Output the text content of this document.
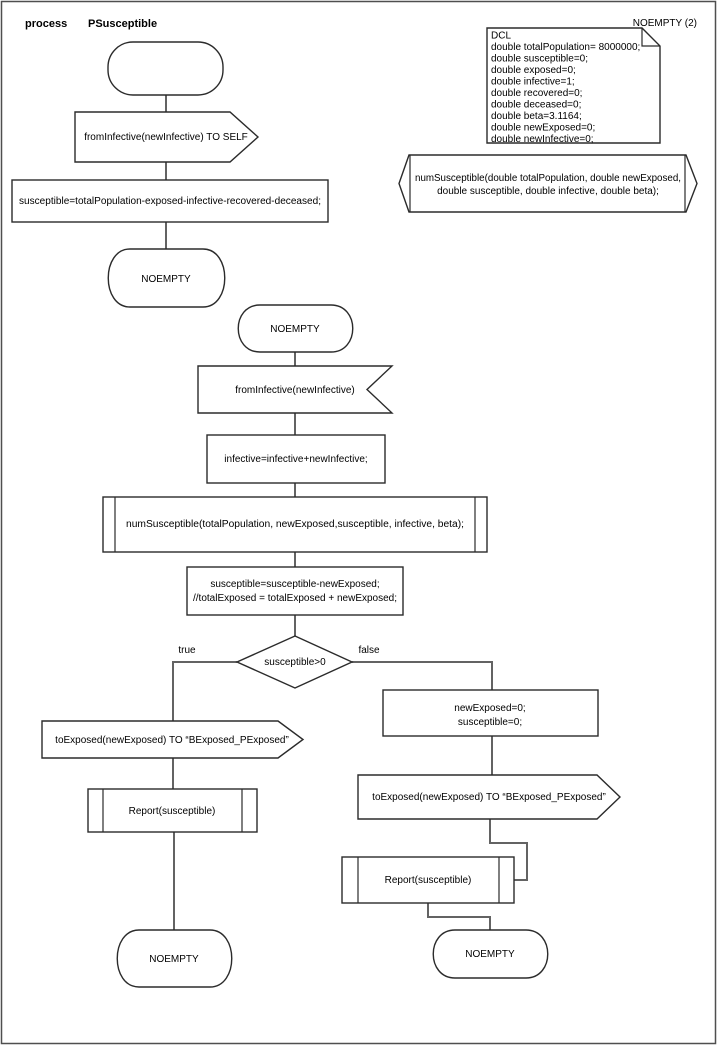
process PSusceptible	NOEMPTY (2)
DCL
double totalPopulation= 8000000;
double susceptible=0;
double exposed=0;
double infective=1;
double recovered=0;
double deceased=0;
double beta=3.1164;
double newExposed=0;
double newInfective=0;
numSusceptible(double totalPopulation, double newExposed,
double susceptible, double infective, double beta);
fromInfective(newInfective) TO SELF
susceptible=totalPopulation-exposed-infective-recovered-deceased;
NOEMPTY
NOEMPTY
fromInfective(newInfective)
infective=infective+newInfective;
numSusceptible(totalPopulation, newExposed,susceptible, infective, beta);
susceptible=susceptible-newExposed;
//totalExposed = totalExposed + newExposed;
susceptible>0
true	false
toExposed(newExposed) TO “BExposed_PExposed”
Report(susceptible)
NOEMPTY
newExposed=0;
susceptible=0;
toExposed(newExposed) TO “BExposed_PExposed”
Report(susceptible)
NOEMPTY
